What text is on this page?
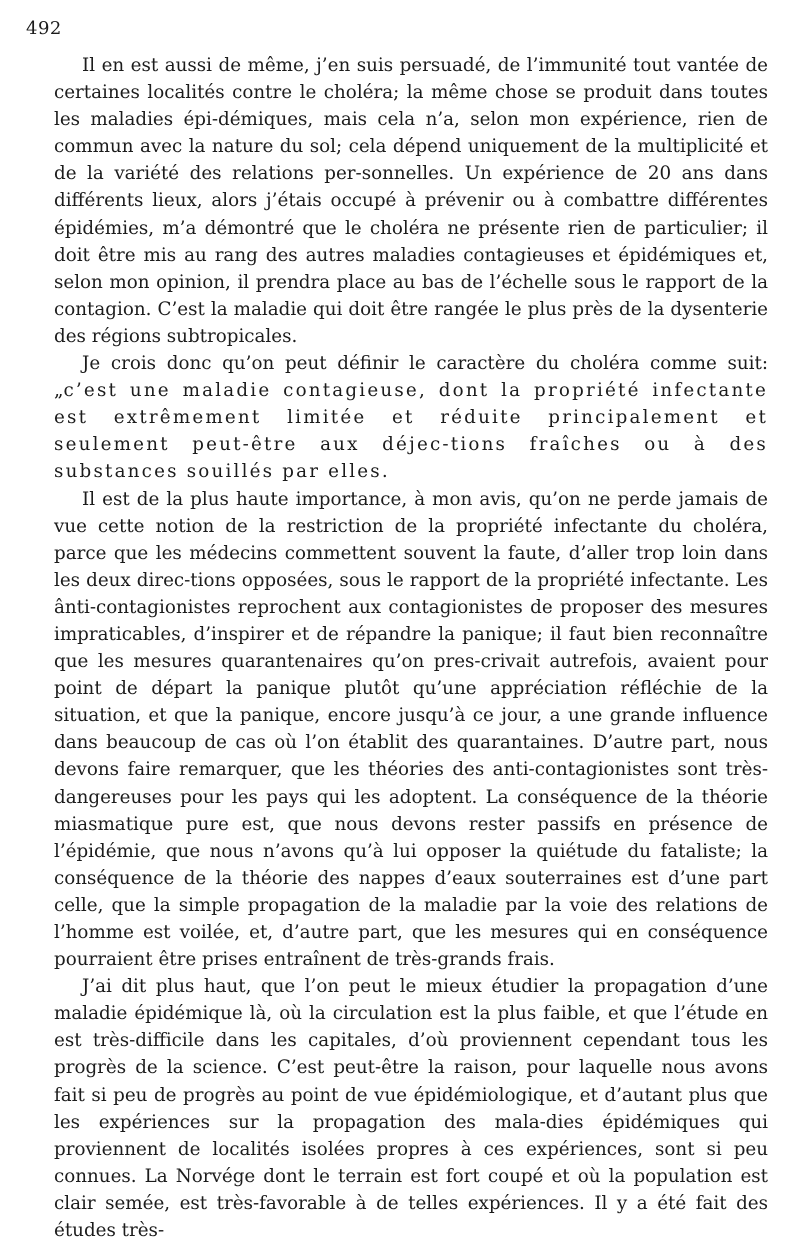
492

Il en est aussi de même, j’en suis persuadé, de l’immunité tout vantée de certaines localités contre le choléra; la même chose se produit dans toutes les maladies épi-démiques, mais cela n’a, selon mon expérience, rien de commun avec la nature du sol; cela dépend uniquement de la multiplicité et de la variété des relations per-sonnelles. Un expérience de 20 ans dans différents lieux, alors j’étais occupé à prévenir ou à combattre différentes épidémies, m’a démontré que le choléra ne présente rien de particulier; il doit être mis au rang des autres maladies contagieuses et épidémiques et, selon mon opinion, il prendra place au bas de l’échelle sous le rapport de la contagion. C’est la maladie qui doit être rangée le plus près de la dysenterie des régions subtropicales.

Je crois donc qu’on peut définir le caractère du choléra comme suit: „c’est une maladie contagieuse, dont la propriété infectante est extrêmement limitée et réduite principalement et seulement peut-être aux déjec-tions fraîches ou à des substances souillés par elles.

Il est de la plus haute importance, à mon avis, qu’on ne perde jamais de vue cette notion de la restriction de la propriété infectante du choléra, parce que les médecins commettent souvent la faute, d’aller trop loin dans les deux direc-tions opposées, sous le rapport de la propriété infectante. Les ânti-contagionistes reprochent aux contagionistes de proposer des mesures impraticables, d’inspirer et de répandre la panique; il faut bien reconnaître que les mesures quarantenaires qu’on pres-crivait autrefois, avaient pour point de départ la panique plutôt qu’une appréciation réfléchie de la situation, et que la panique, encore jusqu’à ce jour, a une grande influence dans beaucoup de cas où l’on établit des quarantaines. D’autre part, nous devons faire remarquer, que les théories des anti-contagionistes sont très-dangereuses pour les pays qui les adoptent. La conséquence de la théorie miasmatique pure est, que nous devons rester passifs en présence de l’épidémie, que nous n’avons qu’à lui opposer la quiétude du fataliste; la conséquence de la théorie des nappes d’eaux souterraines est d’une part celle, que la simple propagation de la maladie par la voie des relations de l’homme est voilée, et, d’autre part, que les mesures qui en conséquence pourraient être prises entraînent de très-grands frais.

J’ai dit plus haut, que l’on peut le mieux étudier la propagation d’une maladie épidémique là, où la circulation est la plus faible, et que l’étude en est très-difficile dans les capitales, d’où proviennent cependant tous les progrès de la science. C’est peut-être la raison, pour laquelle nous avons fait si peu de progrès au point de vue épidémiologique, et d’autant plus que les expériences sur la propagation des mala-dies épidémiques qui proviennent de localités isolées propres à ces expériences, sont si peu connues. La Norvége dont le terrain est fort coupé et où la population est clair semée, est très-favorable à de telles expériences. Il y a été fait des études très-
